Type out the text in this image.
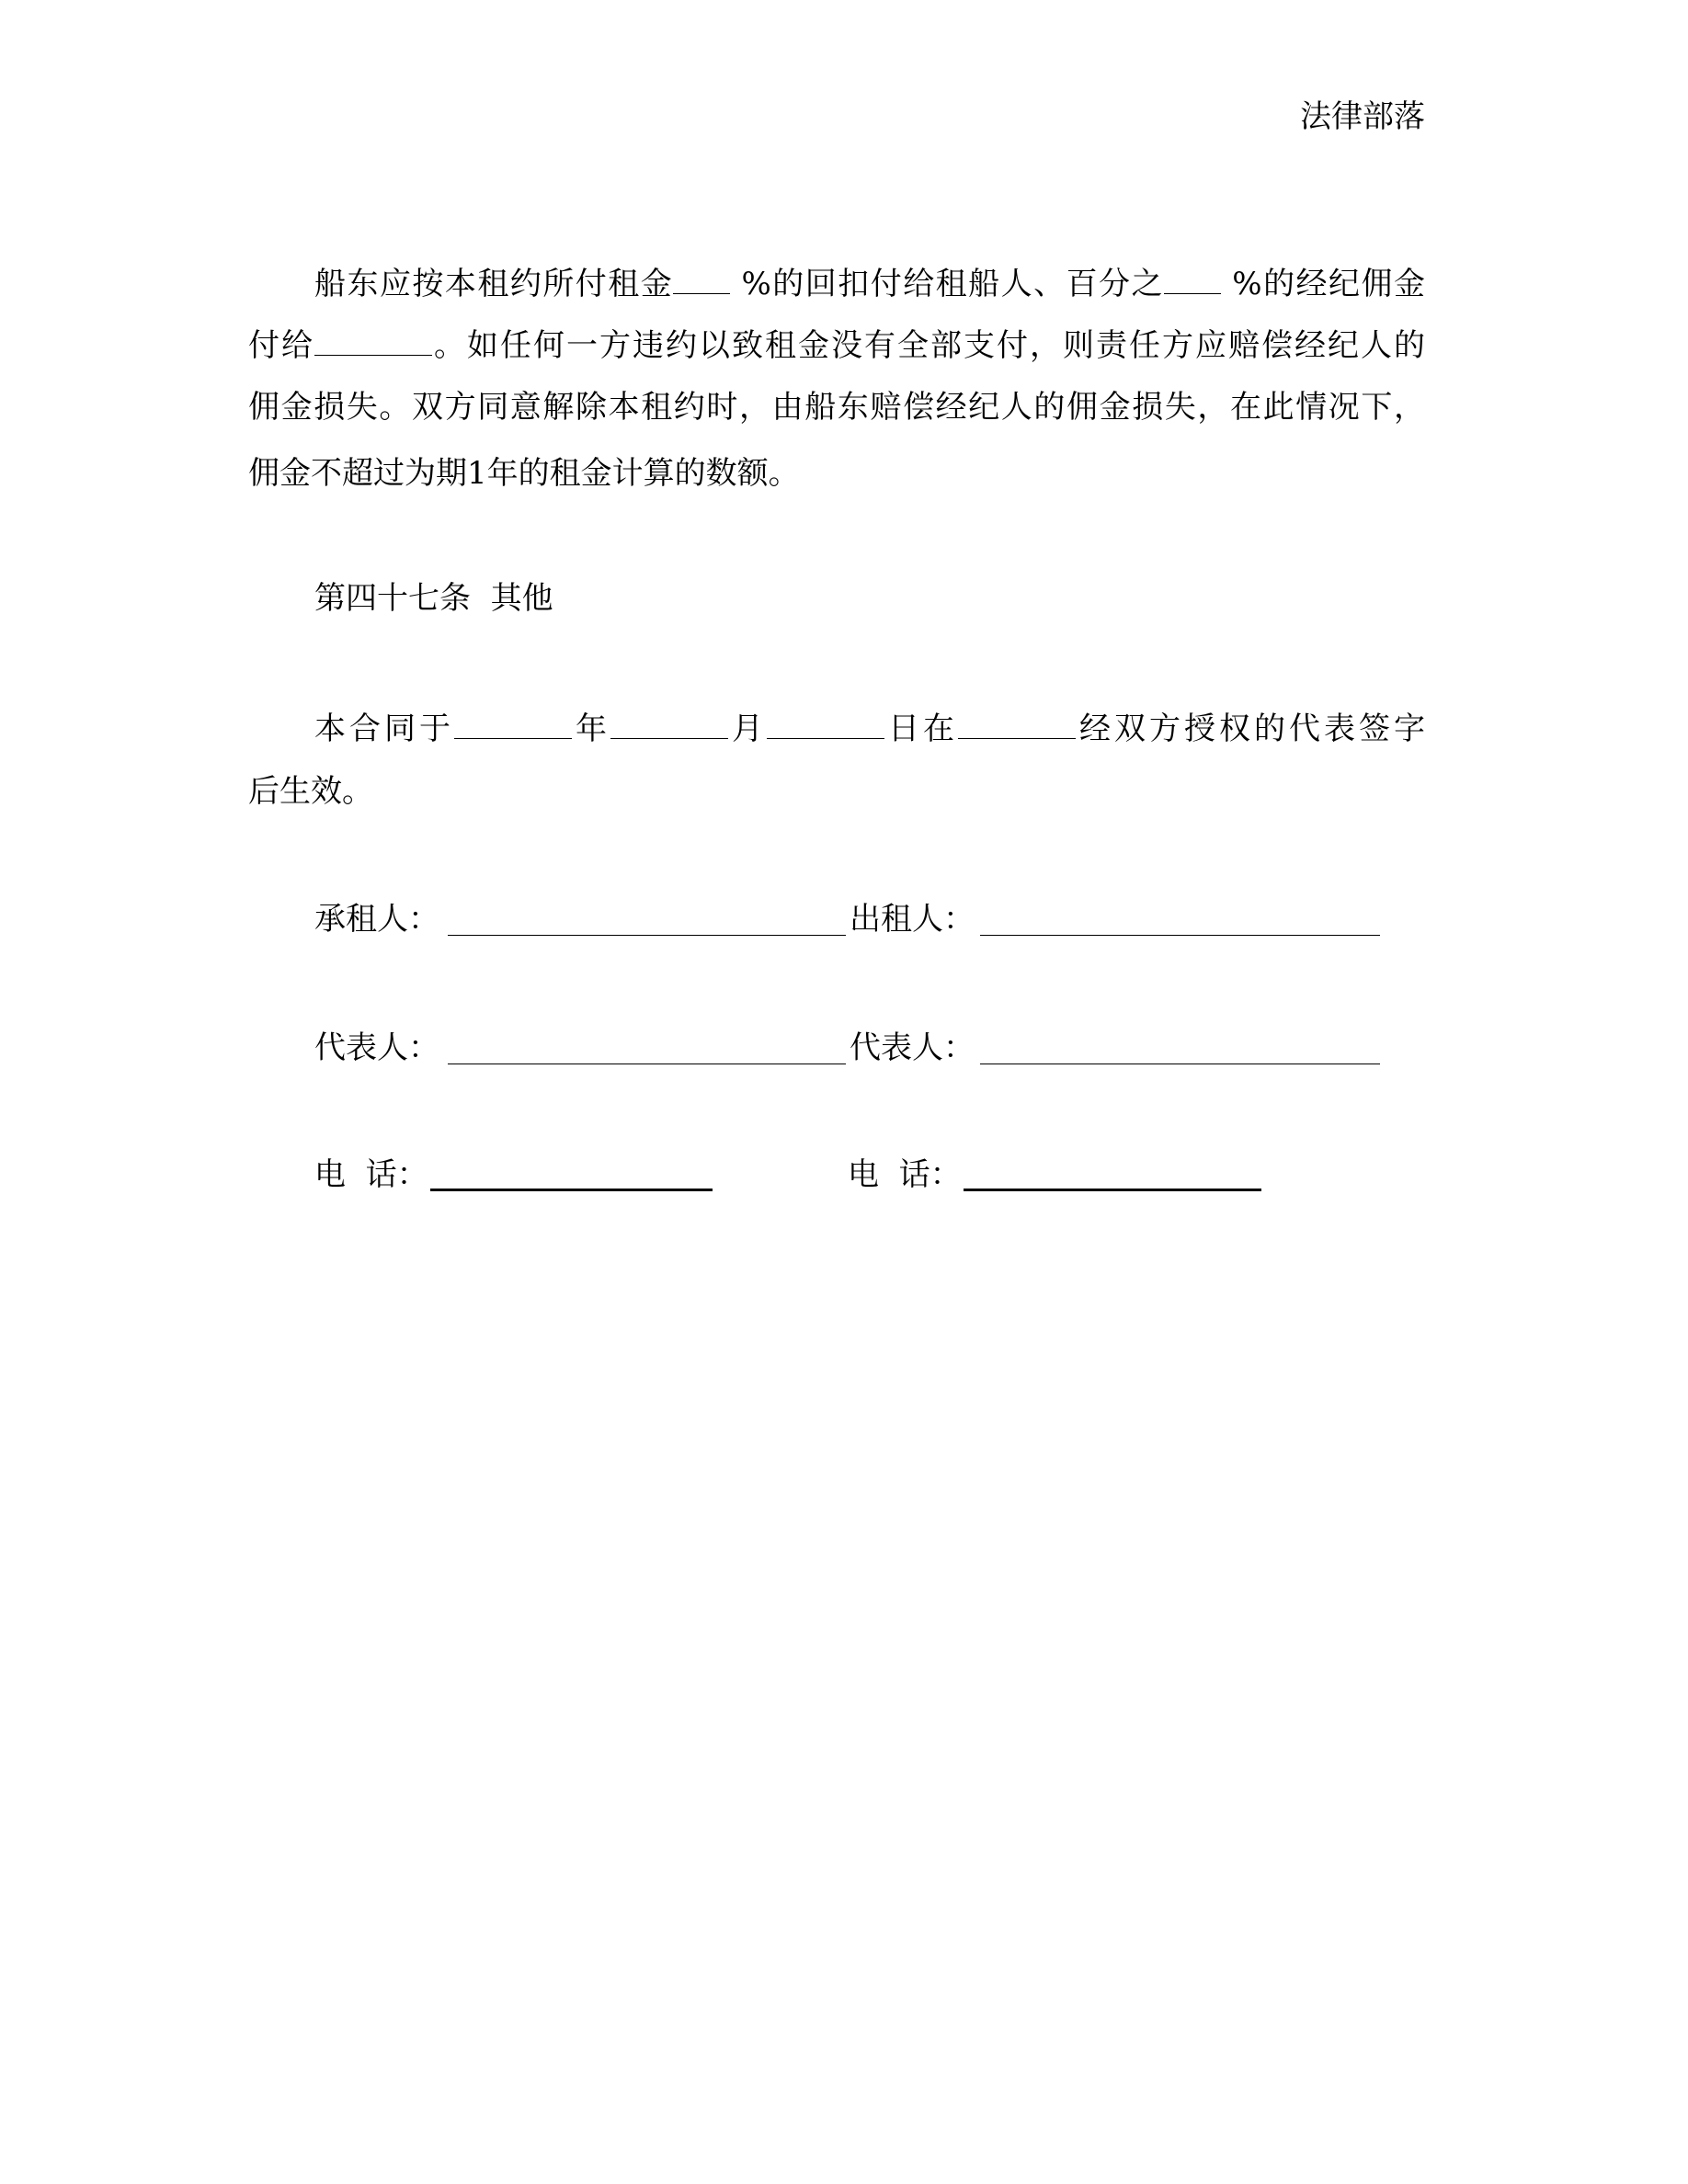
法律部落
船东应按本租约所付租金 %的回扣付给租船人、百分之 %的经纪佣金
付给	。如任何一方违约以致租金没有全部支付，则责任方应赔偿经纪人的
佣金损失。双方同意解除本租约时，由船东赔偿经纪人的佣金损失，在此情况下，
佣金不超过为期1年的租金计算的数额。
第四十七条  其他
本合同于	年	月	日在	经双方授权的代表签字
后生效。
承租人：	出租人：
代表人：	代表人：
电  话：	电  话：
